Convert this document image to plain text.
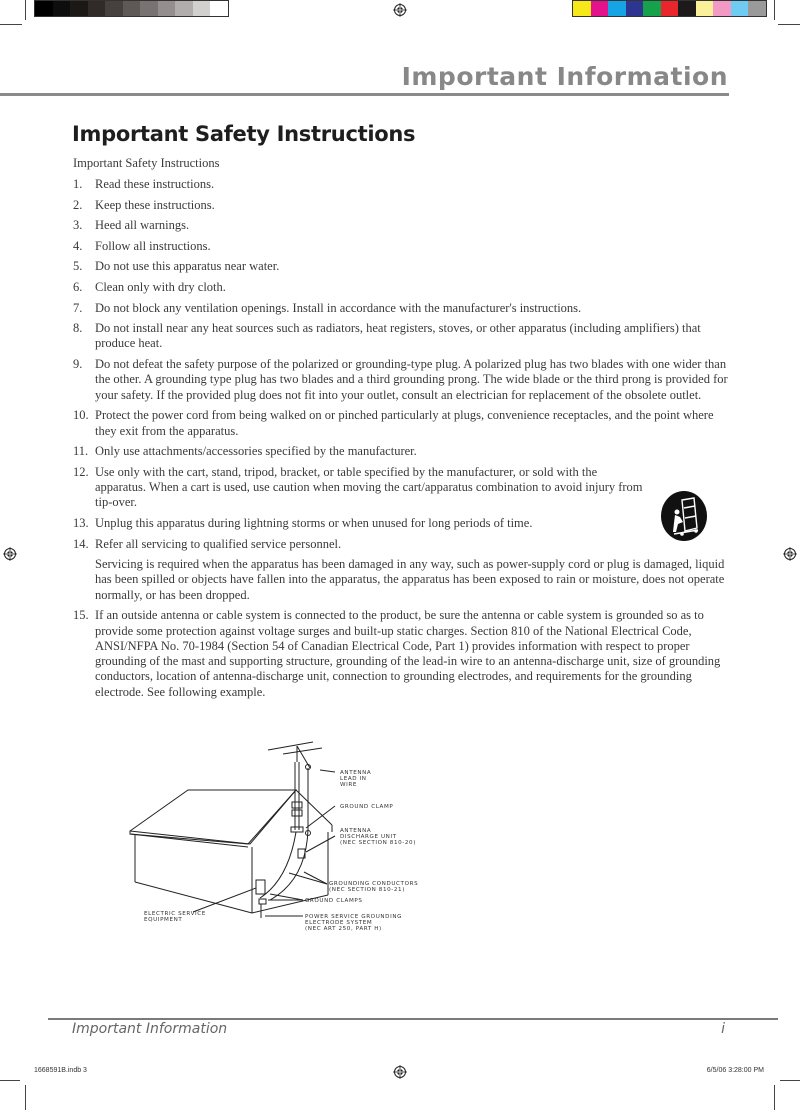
Important Information
Important Safety Instructions
Important Safety Instructions
1.	Read these instructions.
2.	Keep these instructions.
3.	Heed all warnings.
4.	Follow all instructions.
5.	Do not use this apparatus near water.
6.	Clean only with dry cloth.
7.	Do not block any ventilation openings. Install in accordance with the manufacturer's instructions.
8.	Do not install near any heat sources such as radiators, heat registers, stoves, or other apparatus (including amplifiers) that produce heat.
9.	Do not defeat the safety purpose of the polarized or grounding-type plug. A polarized plug has two blades with one wider than the other. A grounding type plug has two blades and a third grounding prong. The wide blade or the third prong is provided for your safety. If the provided plug does not fit into your outlet, consult an electrician for replacement of the obsolete outlet.
10. Protect the power cord from being walked on or pinched particularly at plugs, convenience receptacles, and the point where they exit from the apparatus.
11. Only use attachments/accessories specified by the manufacturer.
12. Use only with the cart, stand, tripod, bracket, or table specified by the manufacturer, or sold with the apparatus. When a cart is used, use caution when moving the cart/apparatus combination to avoid injury from tip-over.
13. Unplug this apparatus during lightning storms or when unused for long periods of time.
14. Refer all servicing to qualified service personnel.
Servicing is required when the apparatus has been damaged in any way, such as power-supply cord or plug is damaged, liquid has been spilled or objects have fallen into the apparatus, the apparatus has been exposed to rain or moisture, does not operate normally, or has been dropped.
15. If an outside antenna or cable system is connected to the product, be sure the antenna or cable system is grounded so as to provide some protection against voltage surges and built-up static charges. Section 810 of the National Electrical Code, ANSI/NFPA No. 70-1984 (Section 54 of Canadian Electrical Code, Part 1) provides information with respect to proper grounding of the mast and supporting structure, grounding of the lead-in wire to an antenna-discharge unit, size of grounding conductors, location of antenna-discharge unit, connection to grounding electrodes, and requirements for the grounding electrode. See following example.
ANTENNA LEAD IN WIRE
GROUND CLAMP
ANTENNA DISCHARGE UNIT (NEC SECTION 810-20)
GROUNDING CONDUCTORS (NEC SECTION 810-21)
GROUND CLAMPS
ELECTRIC SERVICE EQUIPMENT	POWER SERVICE GROUNDING ELECTRODE SYSTEM (NEC ART 250, PART H)
Important Information	i
1668591B.indb 3	6/5/06 3:28:00 PM
